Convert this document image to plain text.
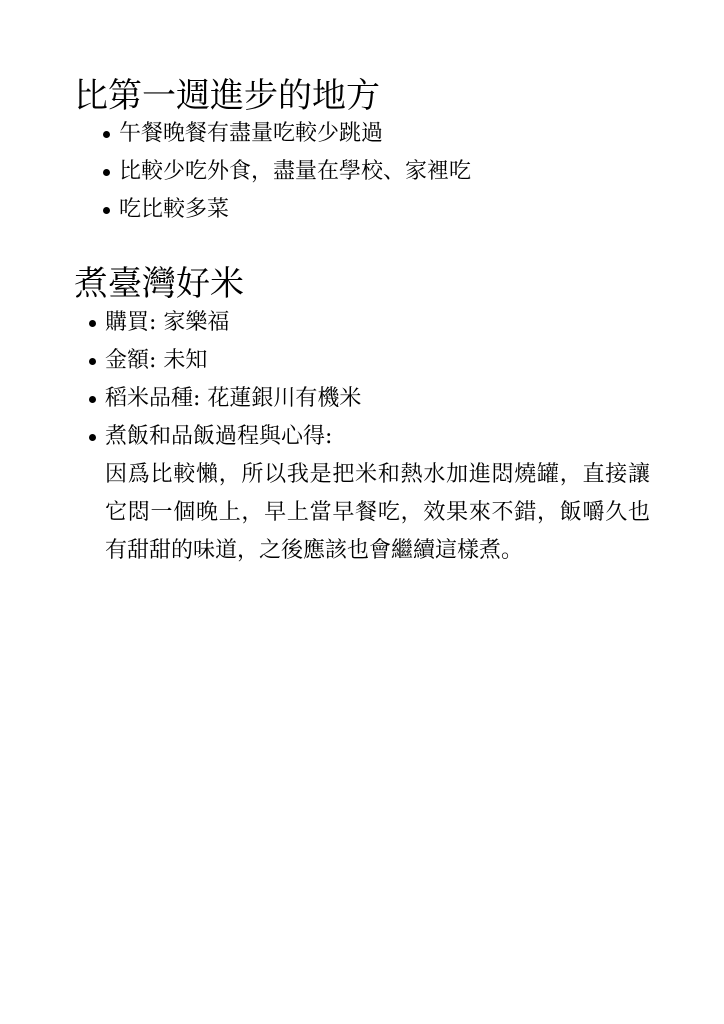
比第一週進步的地方
午餐晚餐有盡量吃較少跳過
比較少吃外食，盡量在學校、家裡吃
吃比較多菜
煮臺灣好米
購買: 家樂福
金額: 未知
稻米品種: 花蓮銀川有機米
煮飯和品飯過程與心得:
因爲比較懶，所以我是把米和熱水加進悶燒罐，直接讓它悶一個晚上，早上當早餐吃，效果來不錯，飯嚼久也有甜甜的味道，之後應該也會繼續這樣煮。
